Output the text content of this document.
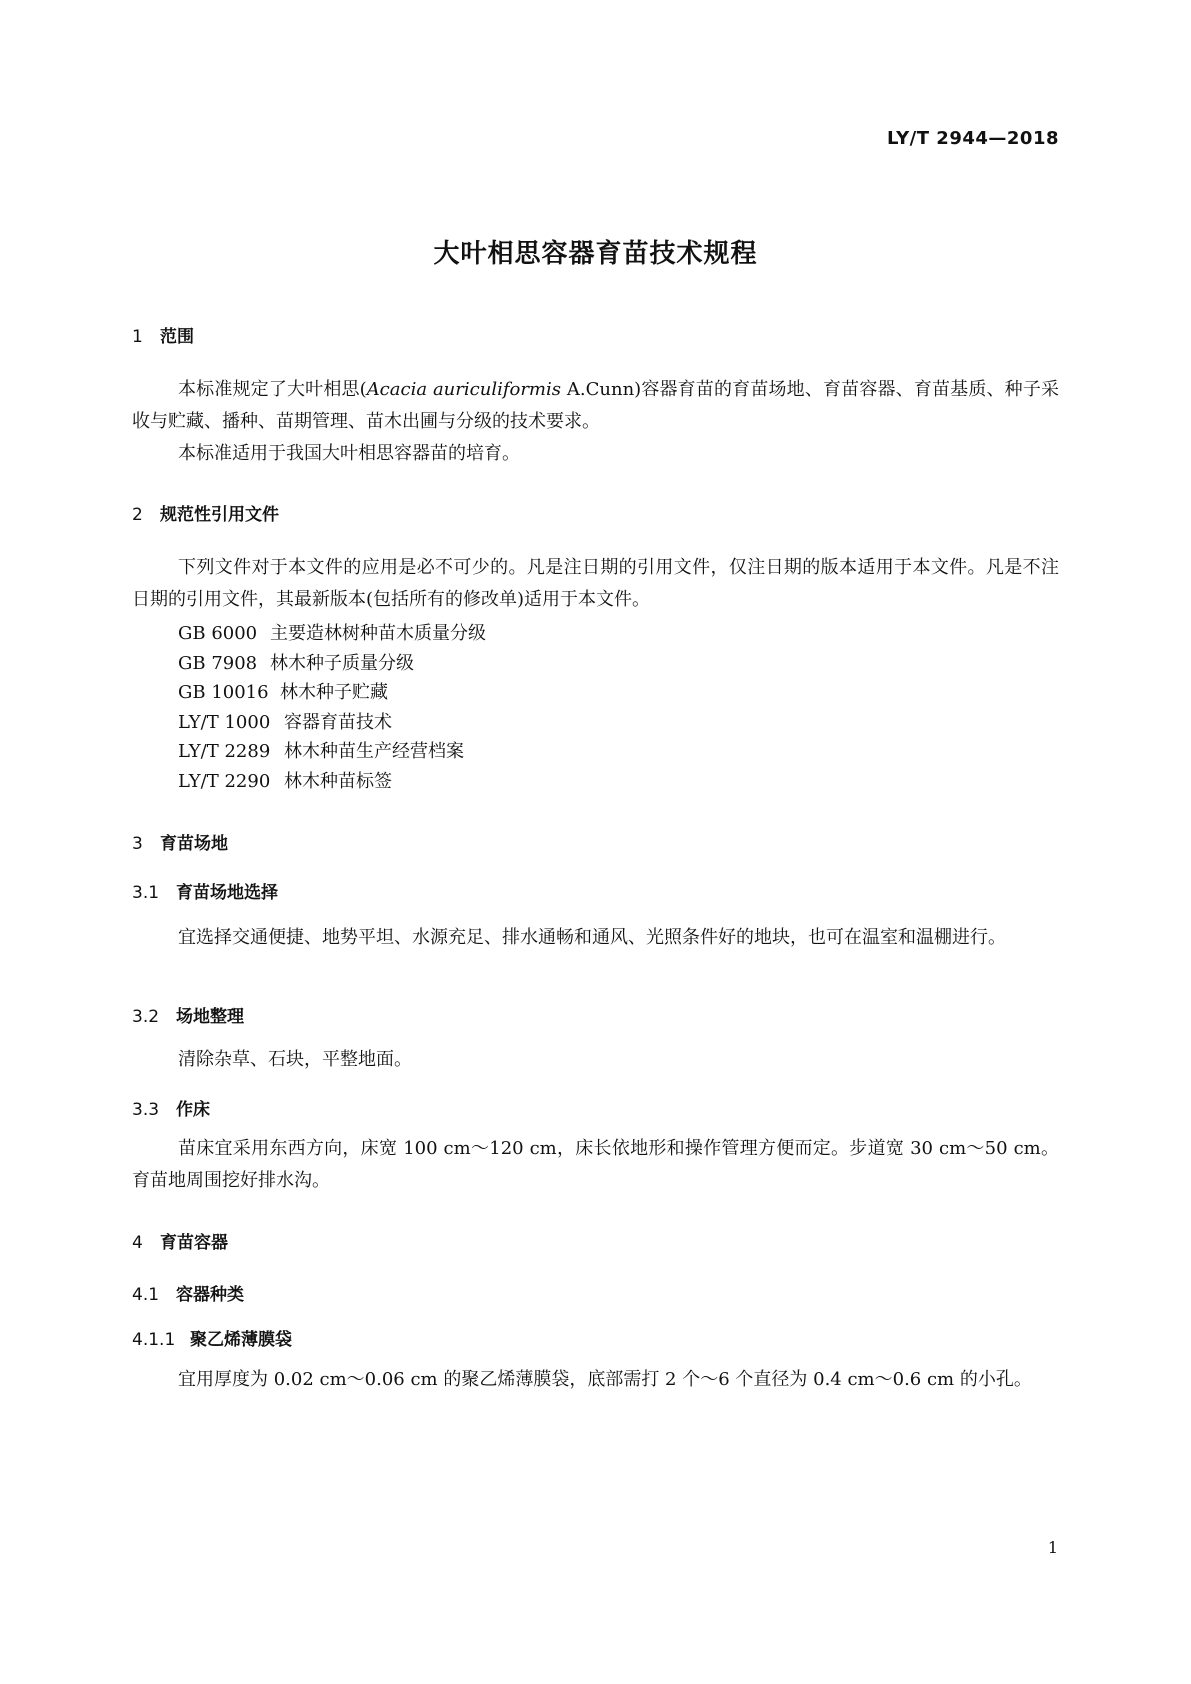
LY/T 2944—2018
大叶相思容器育苗技术规程
1 范围
本标准规定了大叶相思(Acacia auriculiformis A.Cunn)容器育苗的育苗场地、育苗容器、育苗基质、种子采收与贮藏、播种、苗期管理、苗木出圃与分级的技术要求。
本标准适用于我国大叶相思容器苗的培育。
2 规范性引用文件
下列文件对于本文件的应用是必不可少的。凡是注日期的引用文件，仅注日期的版本适用于本文件。凡是不注日期的引用文件，其最新版本(包括所有的修改单)适用于本文件。
GB 6000 主要造林树种苗木质量分级
GB 7908 林木种子质量分级
GB 10016 林木种子贮藏
LY/T 1000 容器育苗技术
LY/T 2289 林木种苗生产经营档案
LY/T 2290 林木种苗标签
3 育苗场地
3.1 育苗场地选择
宜选择交通便捷、地势平坦、水源充足、排水通畅和通风、光照条件好的地块，也可在温室和温棚进行。
3.2 场地整理
清除杂草、石块，平整地面。
3.3 作床
苗床宜采用东西方向，床宽 100 cm～120 cm，床长依地形和操作管理方便而定。步道宽 30 cm～50 cm。育苗地周围挖好排水沟。
4 育苗容器
4.1 容器种类
4.1.1 聚乙烯薄膜袋
宜用厚度为 0.02 cm～0.06 cm 的聚乙烯薄膜袋，底部需打 2 个～6 个直径为 0.4 cm～0.6 cm 的小孔。
1
